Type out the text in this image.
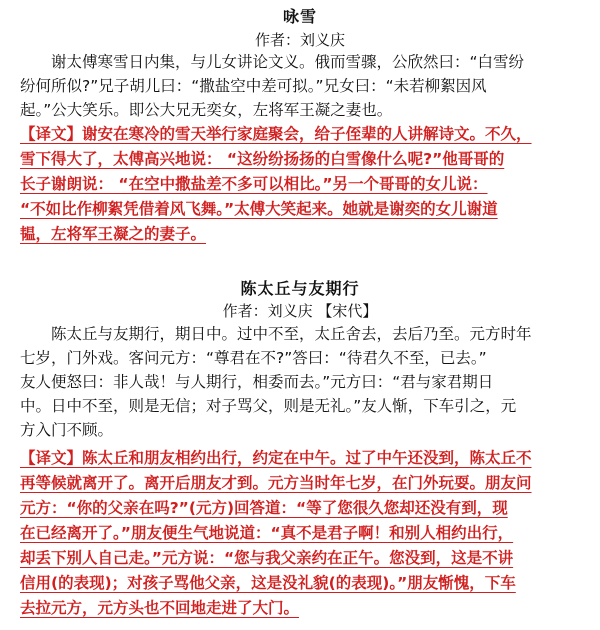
咏雪
作者：刘义庆
　　谢太傅寒雪日内集，与儿女讲论文义。俄而雪骤，公欣然曰：“白雪纷
纷何所似?”兄子胡儿曰：“撒盐空中差可拟。”兄女曰：“未若柳絮因风
起。”公大笑乐。即公大兄无奕女，左将军王凝之妻也。
【译文】谢安在寒冷的雪天举行家庭聚会，给子侄辈的人讲解诗文。不久，
雪下得大了，太傅高兴地说： “这纷纷扬扬的白雪像什么呢?”他哥哥的
长子谢朗说： “在空中撒盐差不多可以相比。”另一个哥哥的女儿说：
“不如比作柳絮凭借着风飞舞。”太傅大笑起来。她就是谢奕的女儿谢道
韫，左将军王凝之的妻子。
陈太丘与友期行
作者：刘义庆 【宋代】
　　陈太丘与友期行，期日中。过中不至，太丘舍去，去后乃至。元方时年
七岁，门外戏。客问元方：“尊君在不?”答曰：“待君久不至，已去。”
友人便怒曰：非人哉！与人期行，相委而去。”元方曰：“君与家君期日
中。日中不至，则是无信；对子骂父，则是无礼。”友人惭，下车引之，元
方入门不顾。
【译文】陈太丘和朋友相约出行，约定在中午。过了中午还没到，陈太丘不
再等候就离开了。离开后朋友才到。元方当时年七岁，在门外玩耍。朋友问
元方：“你的父亲在吗?”(元方)回答道：“等了您很久您却还没有到，现
在已经离开了。”朋友便生气地说道：“真不是君子啊！和别人相约出行，
却丢下别人自己走。”元方说：“您与我父亲约在正午。您没到，这是不讲
信用(的表现)；对孩子骂他父亲，这是没礼貌(的表现)。”朋友惭愧，下车
去拉元方，元方头也不回地走进了大门。
